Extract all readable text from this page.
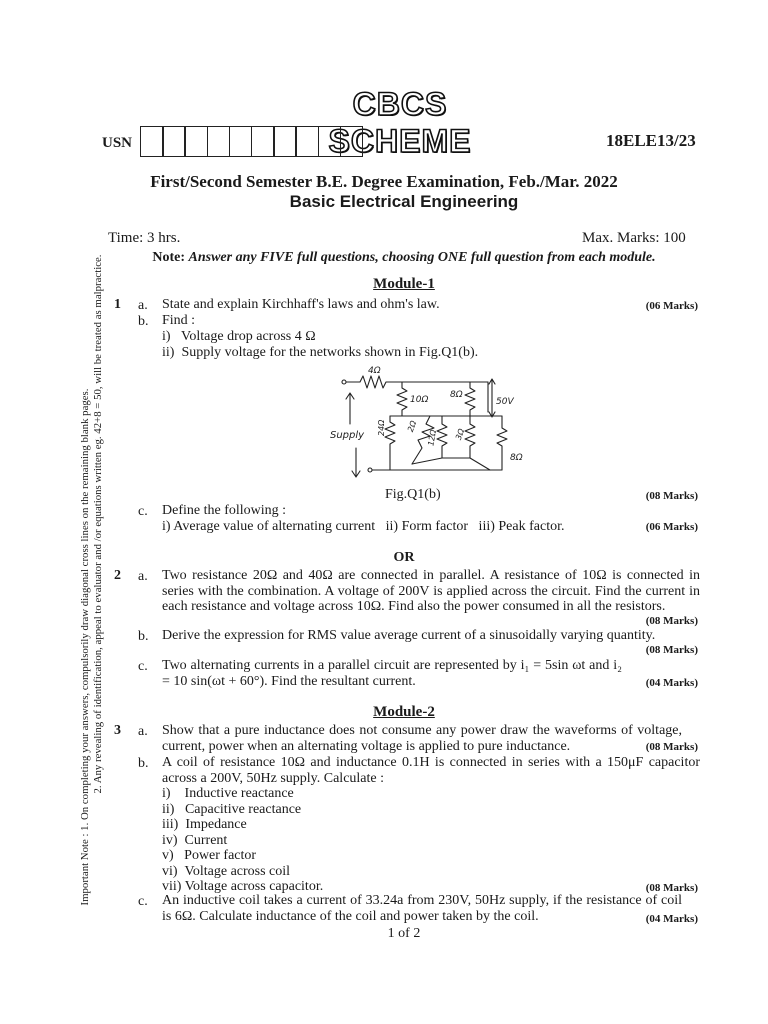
CBCS SCHEME
USN	18ELE13/23
First/Second Semester B.E. Degree Examination, Feb./Mar. 2022
Basic Electrical Engineering
Time: 3 hrs.	Max. Marks: 100
Note: Answer any FIVE full questions, choosing ONE full question from each module.
Important Note : 1. On completing your answers, compulsorily draw diagonal cross lines on the remaining blank pages. 2. Any revealing of identification, appeal to evaluator and /or equations written eg. 42+8 = 50, will be treated as malpractice.	Module-1
1 a. State and explain Kirchhaff's laws and ohm's law.	(06 Marks)
b. Find :
i)   Voltage drop across 4 Ω
ii)  Supply voltage for the networks shown in Fig.Q1(b).
4Ω
10Ω 8Ω
50V
Supply 24Ω 2Ω
12Ω 3Ω
8Ω
Fig.Q1(b)	(08 Marks)
c. Define the following :
i) Average value of alternating current   ii) Form factor   iii) Peak factor.	(06 Marks)
OR
2 a. Two resistance 20Ω and 40Ω are connected in parallel. A resistance of 10Ω is connected in series with the combination. A voltage of 200V is applied across the circuit. Find the current in each resistance and voltage across 10Ω. Find also the power consumed in all the resistors.
(08 Marks)
b. Derive the expression for RMS value average current of a sinusoidally varying quantity.
(08 Marks)
c. Two alternating currents in a parallel circuit are represented by i₁ = 5sin ωt and i₂ = 10 sin(ωt + 60°). Find the resultant current.	(04 Marks)
Module-2
3 a. Show that a pure inductance does not consume any power draw the waveforms of voltage, current, power when an alternating voltage is applied to pure inductance.	(08 Marks)
b. A coil of resistance 10Ω and inductance 0.1H is connected in series with a 150μF capacitor across a 200V, 50Hz supply. Calculate :
i)    Inductive reactance
ii)   Capacitive reactance
iii)  Impedance
iv)  Current
v)   Power factor
vi)  Voltage across coil
vii) Voltage across capacitor.	(08 Marks)
c. An inductive coil takes a current of 33.24a from 230V, 50Hz supply, if the resistance of coil is 6Ω. Calculate inductance of the coil and power taken by the coil.	(04 Marks)
1 of 2
